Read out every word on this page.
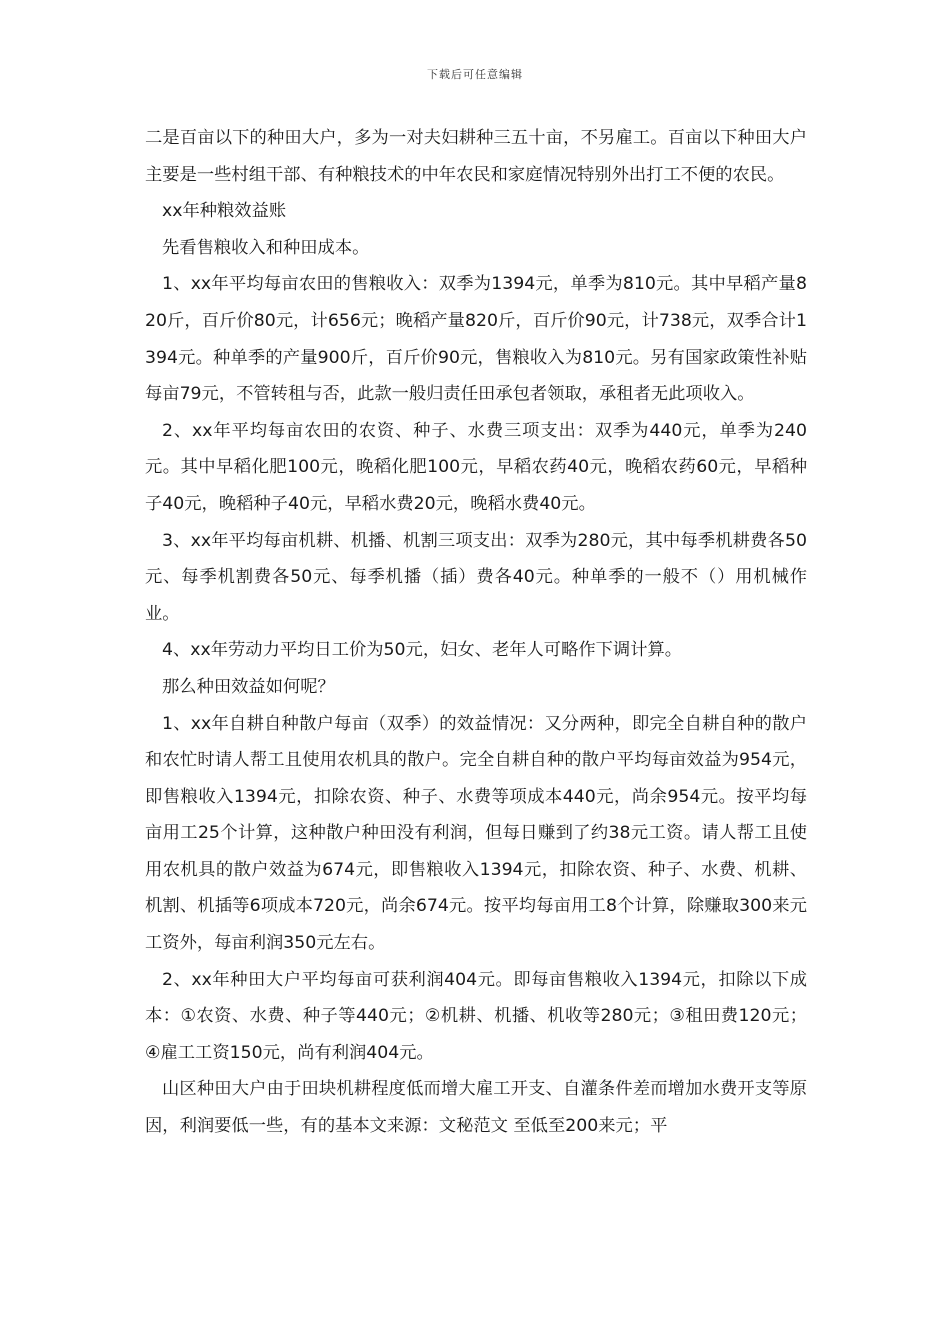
下载后可任意编辑

二是百亩以下的种田大户，多为一对夫妇耕种三五十亩，不另雇工。百亩以下种田大户主要是一些村组干部、有种粮技术的中年农民和家庭情况特别外出打工不便的农民。

xx年种粮效益账

先看售粮收入和种田成本。

1、xx年平均每亩农田的售粮收入：双季为1394元，单季为810元。其中早稻产量820斤，百斤价80元，计656元；晚稻产量820斤，百斤价90元，计738元，双季合计1394元。种单季的产量900斤，百斤价90元，售粮收入为810元。另有国家政策性补贴每亩79元，不管转租与否，此款一般归责任田承包者领取，承租者无此项收入。

2、xx年平均每亩农田的农资、种子、水费三项支出：双季为440元，单季为240元。其中早稻化肥100元，晚稻化肥100元，早稻农药40元，晚稻农药60元，早稻种子40元，晚稻种子40元，早稻水费20元，晚稻水费40元。

3、xx年平均每亩机耕、机播、机割三项支出：双季为280元，其中每季机耕费各50元、每季机割费各50元、每季机播（插）费各40元。种单季的一般不（）用机械作业。

4、xx年劳动力平均日工价为50元，妇女、老年人可略作下调计算。

那么种田效益如何呢？

1、xx年自耕自种散户每亩（双季）的效益情况：又分两种，即完全自耕自种的散户和农忙时请人帮工且使用农机具的散户。完全自耕自种的散户平均每亩效益为954元，即售粮收入1394元，扣除农资、种子、水费等项成本440元，尚余954元。按平均每亩用工25个计算，这种散户种田没有利润，但每日赚到了约38元工资。请人帮工且使用农机具的散户效益为674元，即售粮收入1394元，扣除农资、种子、水费、机耕、机割、机插等6项成本720元，尚余674元。按平均每亩用工8个计算，除赚取300来元工资外，每亩利润350元左右。

2、xx年种田大户平均每亩可获利润404元。即每亩售粮收入1394元，扣除以下成本：①农资、水费、种子等440元；②机耕、机播、机收等280元；③租田费120元；④雇工工资150元，尚有利润404元。

山区种田大户由于田块机耕程度低而增大雇工开支、自灌条件差而增加水费开支等原因，利润要低一些，有的基本文来源：文秘范文 至低至200来元；平
